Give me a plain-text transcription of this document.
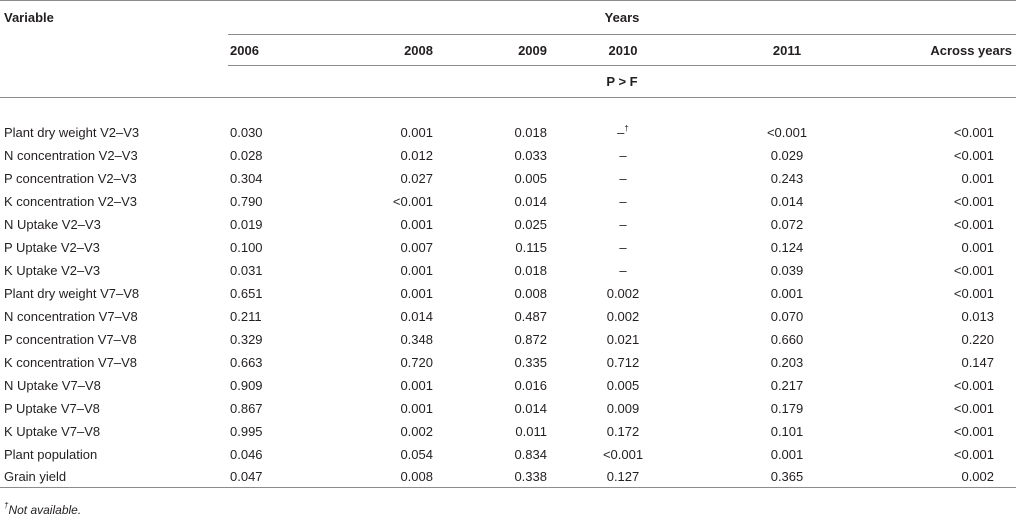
Variable	Years					
	2006	2008	2009	2010	2011	Across years
	P > F					

Plant dry weight V2–V3	0.030	0.001	0.018	–†	<0.001	<0.001
N concentration V2–V3	0.028	0.012	0.033	–	0.029	<0.001
P concentration V2–V3	0.304	0.027	0.005	–	0.243	0.001
K concentration V2–V3	0.790	<0.001	0.014	–	0.014	<0.001
N Uptake V2–V3	0.019	0.001	0.025	–	0.072	<0.001
P Uptake V2–V3	0.100	0.007	0.115	–	0.124	0.001
K Uptake V2–V3	0.031	0.001	0.018	–	0.039	<0.001
Plant dry weight V7–V8	0.651	0.001	0.008	0.002	0.001	<0.001
N concentration V7–V8	0.211	0.014	0.487	0.002	0.070	0.013
P concentration V7–V8	0.329	0.348	0.872	0.021	0.660	0.220
K concentration V7–V8	0.663	0.720	0.335	0.712	0.203	0.147
N Uptake V7–V8	0.909	0.001	0.016	0.005	0.217	<0.001
P Uptake V7–V8	0.867	0.001	0.014	0.009	0.179	<0.001
K Uptake V7–V8	0.995	0.002	0.011	0.172	0.101	<0.001
Plant population	0.046	0.054	0.834	<0.001	0.001	<0.001
Grain yield	0.047	0.008	0.338	0.127	0.365	0.002
†Not available.
